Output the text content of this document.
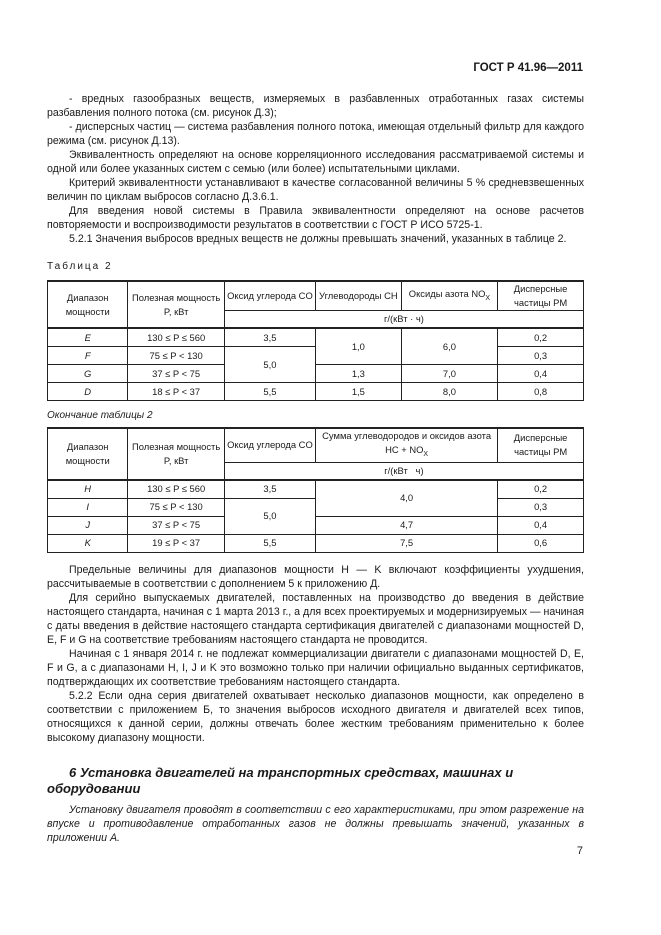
ГОСТ Р 41.96—2011

- вредных газообразных веществ, измеряемых в разбавленных отработанных газах системы разбавления полного потока (см. рисунок Д.3);

- дисперсных частиц — система разбавления полного потока, имеющая отдельный фильтр для каждого режима (см. рисунок Д.13).

Эквивалентность определяют на основе корреляционного исследования рассматриваемой системы и одной или более указанных систем с семью (или более) испытательными циклами.

Критерий эквивалентности устанавливают в качестве согласованной величины 5 % средневзвешенных величин по циклам выбросов согласно Д.3.6.1.

Для введения новой системы в Правила эквивалентности определяют на основе расчетов повторяемости и воспроизводимости результатов в соответствии с ГОСТ Р ИСО 5725-1.

5.2.1 Значения выбросов вредных веществ не должны превышать значений, указанных в таблице 2.

Таблица 2

Диапазон мощности	Полезная мощность P, кВт	Оксид углерода CO	Углеводороды CH	Оксиды азота $NO_X$	Дисперсные частицы PM
		г/(кВт · ч)			
E	130 ≤ P ≤ 560	3,5	1,0	6,0	0,2
F	75 ≤ P < 130	5,0			0,3
G	37 ≤ P < 75		1,3	7,0	0,4
D	18 ≤ P < 37	5,5	1,5	8,0	0,8

Окончание таблицы 2

Диапазон мощности	Полезная мощность P, кВт	Оксид углерода CO	Сумма углеводородов и оксидов азота HC + $NO_X$	Дисперсные частицы PM
		г/(кВт   ч)		
H	130 ≤ P ≤ 560	3,5	4,0	0,2
I	75 ≤ P < 130	5,0		0,3
J	37 ≤ P < 75		4,7	0,4
K	19 ≤ P < 37	5,5	7,5	0,6

Предельные величины для диапазонов мощности H — K включают коэффициенты ухудшения, рассчитываемые в соответствии с дополнением 5 к приложению Д.

Для серийно выпускаемых двигателей, поставленных на производство до введения в действие настоящего стандарта, начиная с 1 марта 2013 г., а для всех проектируемых и модернизируемых — начиная с даты введения в действие настоящего стандарта сертификация двигателей с диапазонами мощностей D, E, F и G на соответствие требованиям настоящего стандарта не проводится.

Начиная с 1 января 2014 г. не подлежат коммерциализации двигатели с диапазонами мощностей D, E, F и G, а с диапазонами H, I, J и K это возможно только при наличии официально выданных сертификатов, подтверждающих их соответствие требованиям настоящего стандарта.

5.2.2 Если одна серия двигателей охватывает несколько диапазонов мощности, как определено в соответствии с приложением Б, то значения выбросов исходного двигателя и двигателей всех типов, относящихся к данной серии, должны отвечать более жестким требованиям применительно к более высокому диапазону мощности.

6 Установка двигателей на транспортных средствах, машинах и оборудовании

Установку двигателя проводят в соответствии с его характеристиками, при этом разрежение на впуске и противодавление отработанных газов не должны превышать значений, указанных в приложении А.

7
